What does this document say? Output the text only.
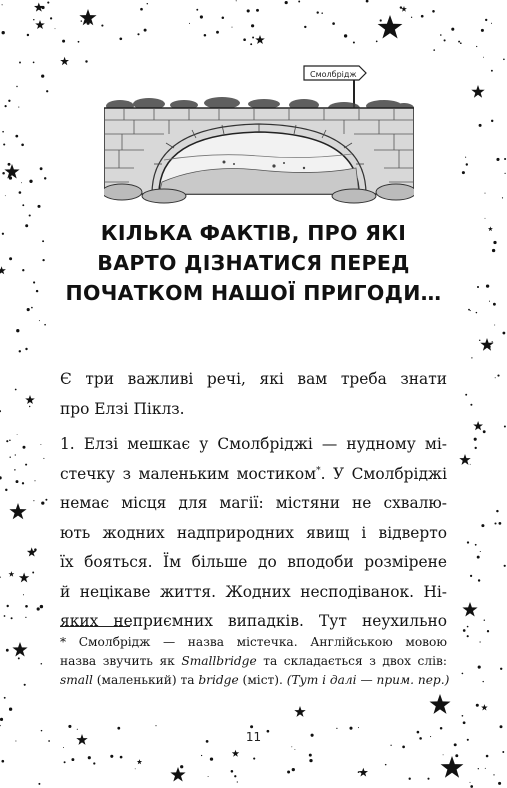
Смолбрідж
КІЛЬКА ФАКТІВ, ПРО ЯКІ
ВАРТО ДІЗНАТИСЯ ПЕРЕД
ПОЧАТКОМ НАШОЇ ПРИГОДИ…
Є три важливі речі, які вам треба знати
про Елзі Піклз.
1. Елзі мешкає у Смолбріджі — нудному мі-
стечку з маленьким мостиком*. У Смолбріджі
немає місця для магії: містяни не схвалю-
ють жодних надприродних явищ і відверто
їх бояться. Їм більше до вподоби розмірене
й нецікаве життя. Жодних несподіванок. Ні-
яких неприємних випадків. Тут неухильно
* Смолбрідж — назва містечка. Англійською мовою
назва звучить як Smallbridge та складається з двох слів:
small (маленький) та bridge (міст). (Тут і далі — прим. пер.)
11
